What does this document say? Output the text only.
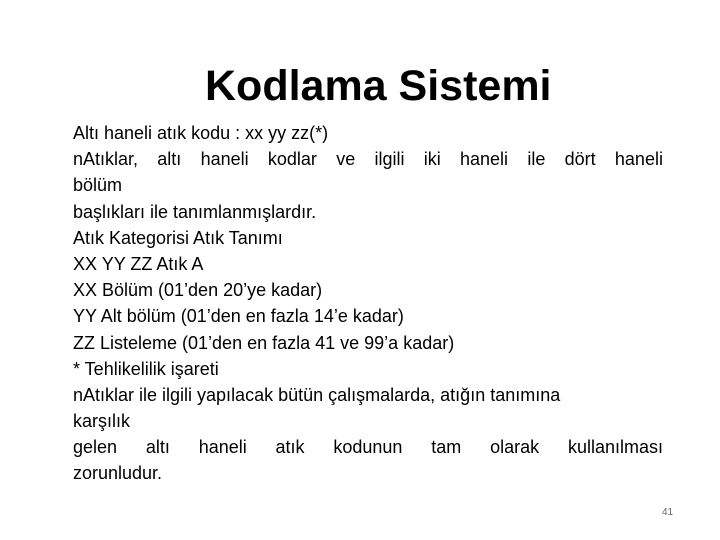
Kodlama Sistemi
Altı haneli atık kodu : xx yy zz(*)
nAtıklar, altı haneli kodlar ve ilgili iki haneli ile dört haneli
bölüm
başlıkları ile tanımlanmışlardır.
Atık Kategorisi Atık Tanımı
XX YY ZZ Atık A
XX Bölüm (01’den 20’ye kadar)
YY Alt bölüm (01’den en fazla 14’e kadar)
ZZ Listeleme (01’den en fazla 41 ve 99’a kadar)
* Tehlikelilik işareti
nAtıklar ile ilgili yapılacak bütün çalışmalarda, atığın tanımına
karşılık
gelen altı haneli atık kodunun tam olarak kullanılması
zorunludur.
41
